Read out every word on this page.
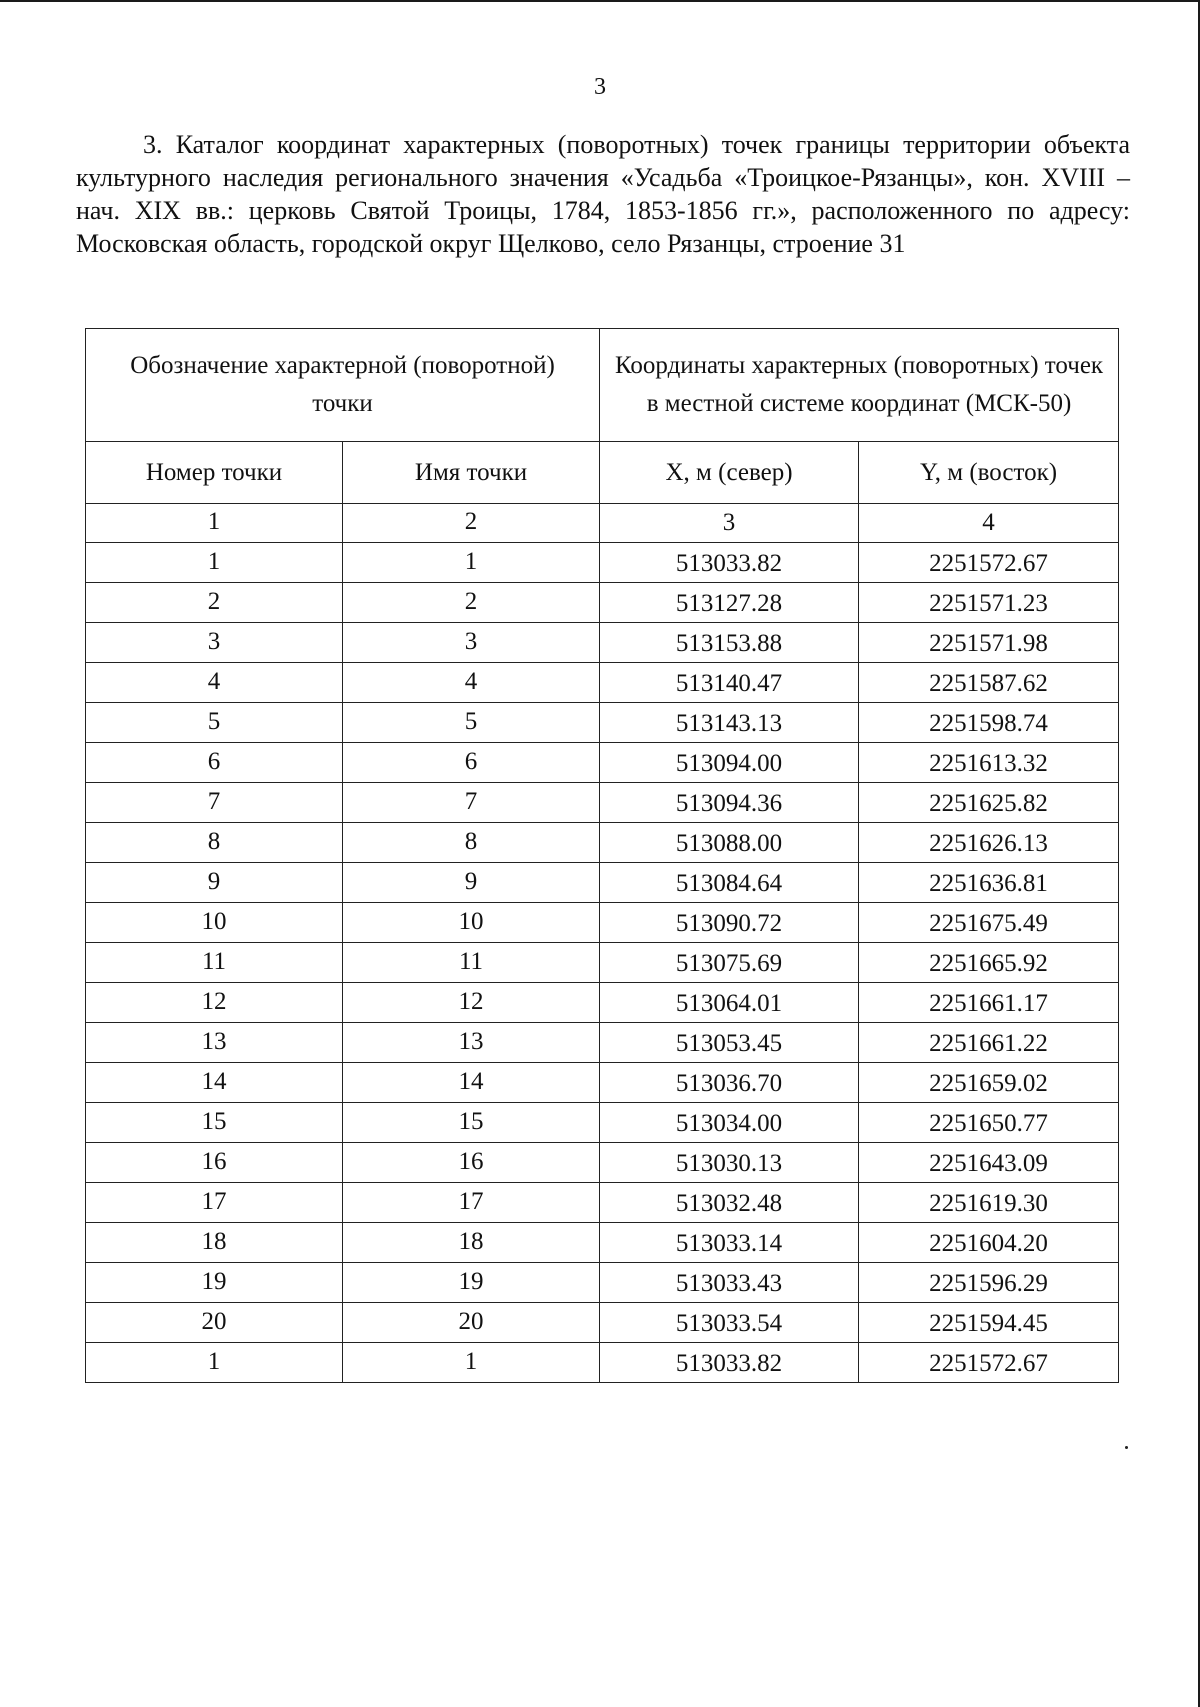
3

3. Каталог координат характерных (поворотных) точек границы территории объекта культурного наследия регионального значения «Усадьба «Троицкое-Рязанцы», кон. XVIII – нач. XIX вв.: церковь Святой Троицы, 1784, 1853-1856 гг.», расположенного по адресу: Московская область, городской округ Щелково, село Рязанцы, строение 31

Обозначение характерной (поворотной) точки		Координаты характерных (поворотных) точек в местной системе координат (МСК-50)	
Номер точки	Имя точки	X, м (север)	Y, м (восток)
1	2	3	4
1	1	513033.82	2251572.67
2	2	513127.28	2251571.23
3	3	513153.88	2251571.98
4	4	513140.47	2251587.62
5	5	513143.13	2251598.74
6	6	513094.00	2251613.32
7	7	513094.36	2251625.82
8	8	513088.00	2251626.13
9	9	513084.64	2251636.81
10	10	513090.72	2251675.49
11	11	513075.69	2251665.92
12	12	513064.01	2251661.17
13	13	513053.45	2251661.22
14	14	513036.70	2251659.02
15	15	513034.00	2251650.77
16	16	513030.13	2251643.09
17	17	513032.48	2251619.30
18	18	513033.14	2251604.20
19	19	513033.43	2251596.29
20	20	513033.54	2251594.45
1	1	513033.82	2251572.67
